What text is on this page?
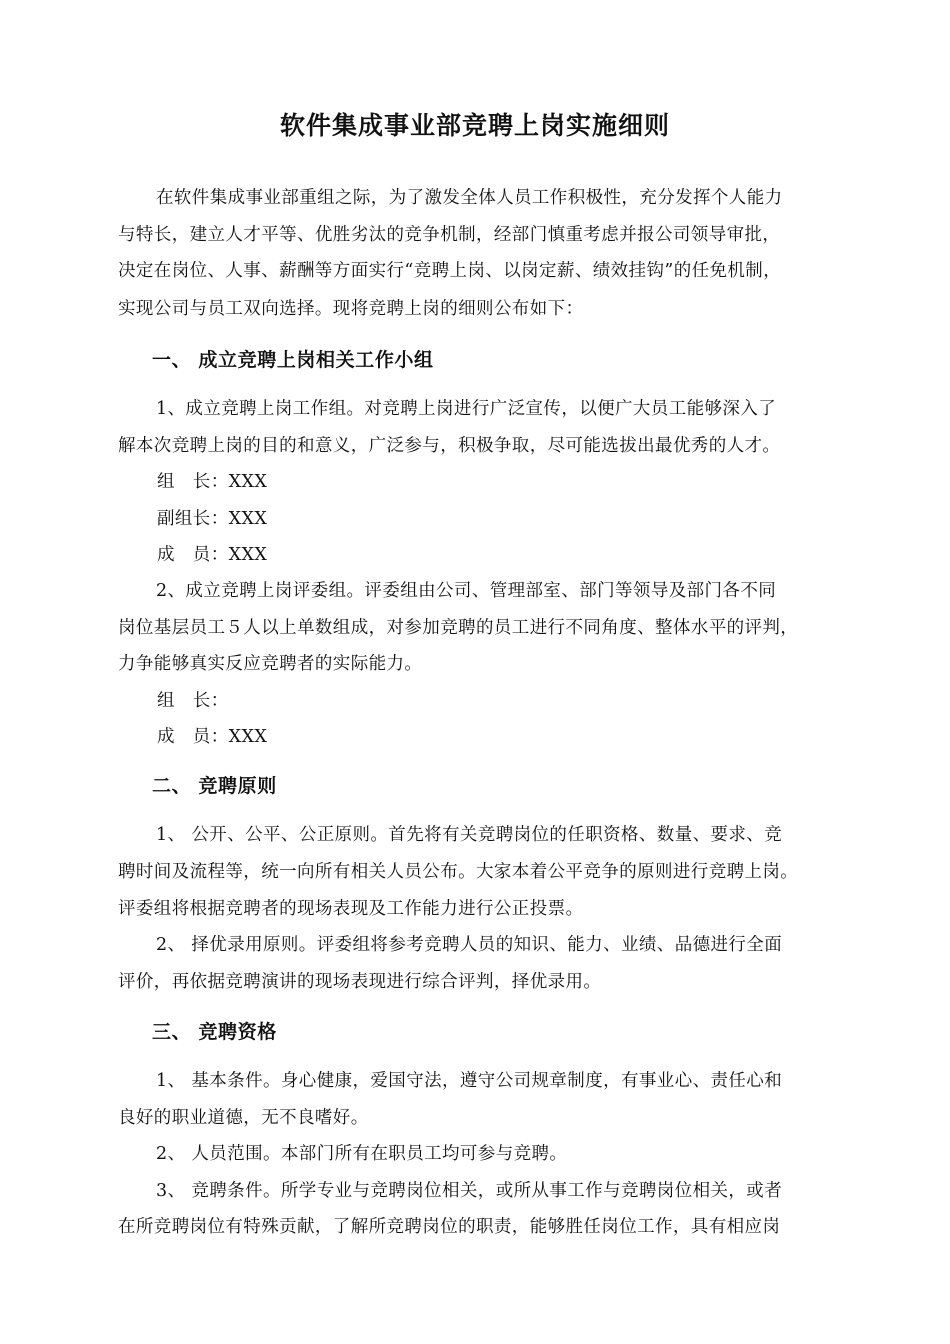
软件集成事业部竞聘上岗实施细则
在软件集成事业部重组之际，为了激发全体人员工作积极性，充分发挥个人能力
与特长，建立人才平等、优胜劣汰的竞争机制，经部门慎重考虑并报公司领导审批，
决定在岗位、人事、薪酬等方面实行“竞聘上岗、以岗定薪、绩效挂钩”的任免机制，
实现公司与员工双向选择。现将竞聘上岗的细则公布如下：
一、 成立竞聘上岗相关工作小组
1、成立竞聘上岗工作组。对竞聘上岗进行广泛宣传，以便广大员工能够深入了
解本次竞聘上岗的目的和意义，广泛参与，积极争取，尽可能选拔出最优秀的人才。
组　长：XXX
副组长：XXX
成　员：XXX
2、成立竞聘上岗评委组。评委组由公司、管理部室、部门等领导及部门各不同
岗位基层员工５人以上单数组成，对参加竞聘的员工进行不同角度、整体水平的评判，
力争能够真实反应竞聘者的实际能力。
组　长：
成　员：XXX
二、 竞聘原则
1、 公开、公平、公正原则。首先将有关竞聘岗位的任职资格、数量、要求、竞
聘时间及流程等，统一向所有相关人员公布。大家本着公平竞争的原则进行竞聘上岗。
评委组将根据竞聘者的现场表现及工作能力进行公正投票。
2、 择优录用原则。评委组将参考竞聘人员的知识、能力、业绩、品德进行全面
评价，再依据竞聘演讲的现场表现进行综合评判，择优录用。
三、 竞聘资格
1、 基本条件。身心健康，爱国守法，遵守公司规章制度，有事业心、责任心和
良好的职业道德，无不良嗜好。
2、 人员范围。本部门所有在职员工均可参与竞聘。
3、 竞聘条件。所学专业与竞聘岗位相关，或所从事工作与竞聘岗位相关，或者
在所竞聘岗位有特殊贡献，了解所竞聘岗位的职责，能够胜任岗位工作，具有相应岗
